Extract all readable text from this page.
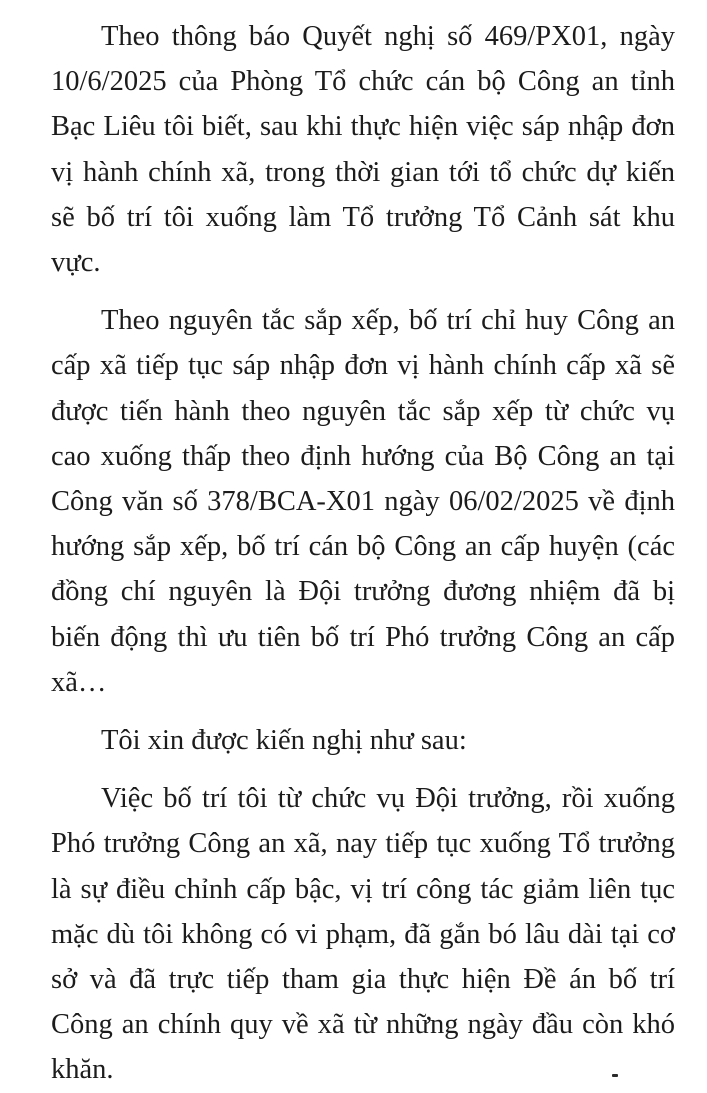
Theo thông báo Quyết nghị số 469/PX01, ngày 10/6/2025 của Phòng Tổ chức cán bộ Công an tỉnh Bạc Liêu tôi biết, sau khi thực hiện việc sáp nhập đơn vị hành chính xã, trong thời gian tới tổ chức dự kiến sẽ bố trí tôi xuống làm Tổ trưởng Tổ Cảnh sát khu vực.

Theo nguyên tắc sắp xếp, bố trí chỉ huy Công an cấp xã tiếp tục sáp nhập đơn vị hành chính cấp xã sẽ được tiến hành theo nguyên tắc sắp xếp từ chức vụ cao xuống thấp theo định hướng của Bộ Công an tại Công văn số 378/BCA-X01 ngày 06/02/2025 về định hướng sắp xếp, bố trí cán bộ Công an cấp huyện (các đồng chí nguyên là Đội trưởng đương nhiệm đã bị biến động thì ưu tiên bố trí Phó trưởng Công an cấp xã…

Tôi xin được kiến nghị như sau:

Việc bố trí tôi từ chức vụ Đội trưởng, rồi xuống Phó trưởng Công an xã, nay tiếp tục xuống Tổ trưởng là sự điều chỉnh cấp bậc, vị trí công tác giảm liên tục mặc dù tôi không có vi phạm, đã gắn bó lâu dài tại cơ sở và đã trực tiếp tham gia thực hiện Đề án bố trí Công an chính quy về xã từ những ngày đầu còn khó khăn.
